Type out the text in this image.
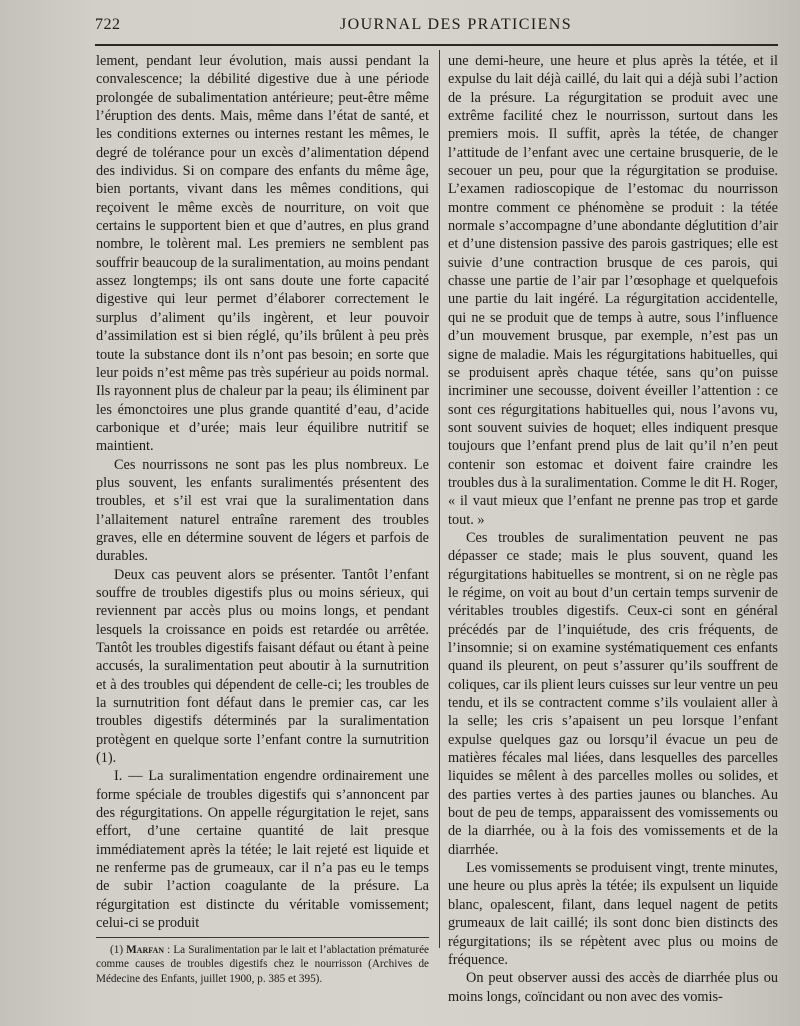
722	JOURNAL DES PRATICIENS

lement, pendant leur évolution, mais aussi pendant la convalescence; la débilité digestive due à une période prolongée de subalimentation antérieure; peut-être même l’éruption des dents. Mais, même dans l’état de santé, et les conditions externes ou internes restant les mêmes, le degré de tolérance pour un excès d’alimentation dépend des individus. Si on compare des enfants du même âge, bien portants, vivant dans les mêmes conditions, qui reçoivent le même excès de nourriture, on voit que certains le supportent bien et que d’autres, en plus grand nombre, le tolèrent mal. Les premiers ne semblent pas souffrir beaucoup de la suralimentation, au moins pendant assez longtemps; ils ont sans doute une forte capacité digestive qui leur permet d’élaborer correctement le surplus d’aliment qu’ils ingèrent, et leur pouvoir d’assimilation est si bien réglé, qu’ils brûlent à peu près toute la substance dont ils n’ont pas besoin; en sorte que leur poids n’est même pas très supérieur au poids normal. Ils rayonnent plus de chaleur par la peau; ils éliminent par les émonctoires une plus grande quantité d’eau, d’acide carbonique et d’urée; mais leur équilibre nutritif se maintient.

Ces nourrissons ne sont pas les plus nombreux. Le plus souvent, les enfants suralimentés présentent des troubles, et s’il est vrai que la suralimentation dans l’allaitement naturel entraîne rarement des troubles graves, elle en détermine souvent de légers et parfois de durables.

Deux cas peuvent alors se présenter. Tantôt l’enfant souffre de troubles digestifs plus ou moins sérieux, qui reviennent par accès plus ou moins longs, et pendant lesquels la croissance en poids est retardée ou arrêtée. Tantôt les troubles digestifs faisant défaut ou étant à peine accusés, la suralimentation peut aboutir à la surnutrition et à des troubles qui dépendent de celle-ci; les troubles de la surnutrition font défaut dans le premier cas, car les troubles digestifs déterminés par la suralimentation protègent en quelque sorte l’enfant contre la surnutrition (1).

I. — La suralimentation engendre ordinairement une forme spéciale de troubles digestifs qui s’annoncent par des régurgitations. On appelle régurgitation le rejet, sans effort, d’une certaine quantité de lait presque immédiatement après la tétée; le lait rejeté est liquide et ne renferme pas de grumeaux, car il n’a pas eu le temps de subir l’action coagulante de la présure. La régurgitation est distincte du véritable vomissement; celui-ci se produit

(1) Marfan : La Suralimentation par le lait et l’ablactation prématurée comme causes de troubles digestifs chez le nourrisson (Archives de Médecine des Enfants, juillet 1900, p. 385 et 395).

une demi-heure, une heure et plus après la tétée, et il expulse du lait déjà caillé, du lait qui a déjà subi l’action de la présure. La régurgitation se produit avec une extrême facilité chez le nourrisson, surtout dans les premiers mois. Il suffit, après la tétée, de changer l’attitude de l’enfant avec une certaine brusquerie, de le secouer un peu, pour que la régurgitation se produise. L’examen radioscopique de l’estomac du nourrisson montre comment ce phénomène se produit : la tétée normale s’accompagne d’une abondante déglutition d’air et d’une distension passive des parois gastriques; elle est suivie d’une contraction brusque de ces parois, qui chasse une partie de l’air par l’œsophage et quelquefois une partie du lait ingéré. La régurgitation accidentelle, qui ne se produit que de temps à autre, sous l’influence d’un mouvement brusque, par exemple, n’est pas un signe de maladie. Mais les régurgitations habituelles, qui se produisent après chaque tétée, sans qu’on puisse incriminer une secousse, doivent éveiller l’attention : ce sont ces régurgitations habituelles qui, nous l’avons vu, sont souvent suivies de hoquet; elles indiquent presque toujours que l’enfant prend plus de lait qu’il n’en peut contenir son estomac et doivent faire craindre les troubles dus à la suralimentation. Comme le dit H. Roger, « il vaut mieux que l’enfant ne prenne pas trop et garde tout. »

Ces troubles de suralimentation peuvent ne pas dépasser ce stade; mais le plus souvent, quand les régurgitations habituelles se montrent, si on ne règle pas le régime, on voit au bout d’un certain temps survenir de véritables troubles digestifs. Ceux-ci sont en général précédés par de l’inquiétude, des cris fréquents, de l’insomnie; si on examine systématiquement ces enfants quand ils pleurent, on peut s’assurer qu’ils souffrent de coliques, car ils plient leurs cuisses sur leur ventre un peu tendu, et ils se contractent comme s’ils voulaient aller à la selle; les cris s’apaisent un peu lorsque l’enfant expulse quelques gaz ou lorsqu’il évacue un peu de matières fécales mal liées, dans lesquelles des parcelles liquides se mêlent à des parcelles molles ou solides, et des parties vertes à des parties jaunes ou blanches. Au bout de peu de temps, apparaissent des vomissements ou de la diarrhée, ou à la fois des vomissements et de la diarrhée.

Les vomissements se produisent vingt, trente minutes, une heure ou plus après la tétée; ils expulsent un liquide blanc, opalescent, filant, dans lequel nagent de petits grumeaux de lait caillé; ils sont donc bien distincts des régurgitations; ils se répètent avec plus ou moins de fréquence.

On peut observer aussi des accès de diarrhée plus ou moins longs, coïncidant ou non avec des vomis-
